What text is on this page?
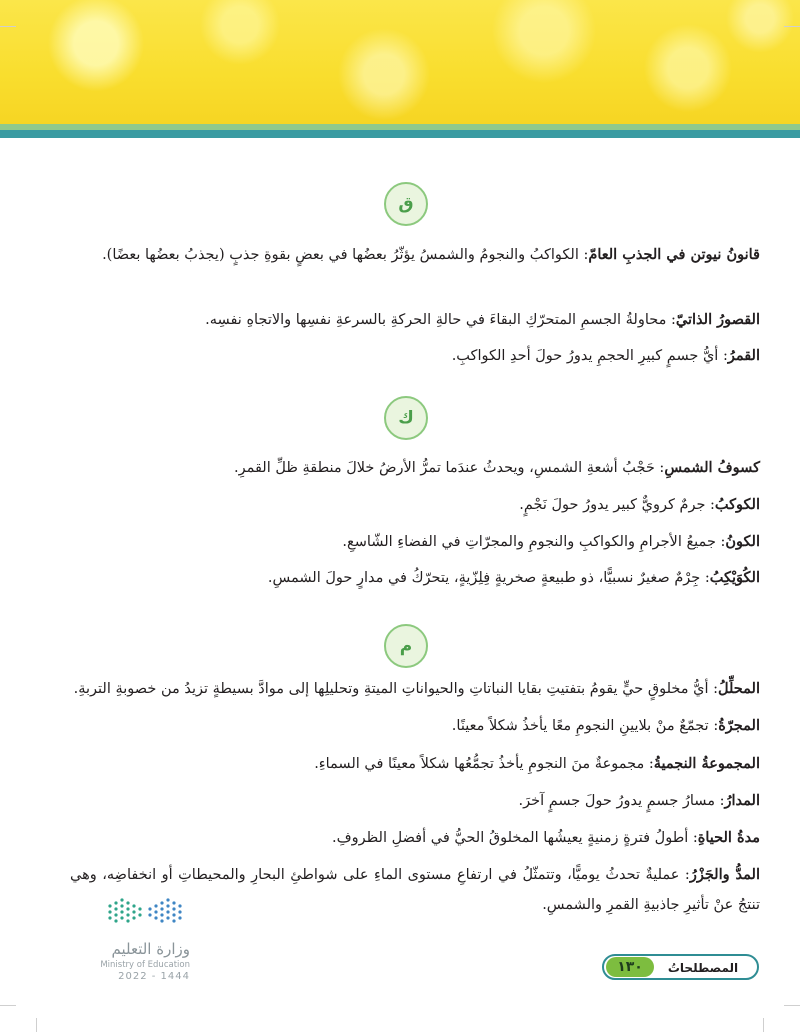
ق
قانونُ نيوتن في الجذبِ العامّ: الكواكبُ والنجومُ والشمسُ يؤثّرُ بعضُها في بعضٍ بقوةِ جذبٍ (يجذبُ بعضُها بعضًا).
القصورُ الذاتيّ: محاولةُ الجسمِ المتحرّكِ البقاءَ في حالةِ الحركةِ بالسرعةِ نفسِها والاتجاهِ نفسِه.
القمرُ: أيُّ جسمٍ كبيرِ الحجمِ يدورُ حولَ أحدِ الكواكبِ.
ك
كسوفُ الشمسِ: حَجْبُ أشعةِ الشمسِ، ويحدثُ عندَما تمرُّ الأرضُ خلالَ منطقةِ ظلِّ القمرِ.
الكوكبُ: جرمٌ كرويٌّ كبير يدورُ حولَ نَجْمٍ.
الكونُ: جميعُ الأجرامِ والكواكبِ والنجومِ والمجرّاتِ في الفضاءِ الشّاسعِ.
الكُوَيْكِبُ: جِرْمٌ صغيرٌ نسبيًّا، ذو طبيعةٍ صخريةٍ فِلِزّيةٍ، يتحرّكُ في مدارٍ حولَ الشمسِ.
م
المحلِّلُ: أيُّ مخلوقٍ حيٍّ يقومُ بتفتيتِ بقايا النباتاتِ والحيواناتِ الميتةِ وتحليلِها إلى موادَّ بسيطةٍ تزيدُ من خصوبةِ التربةِ.
المجرّةُ: تجمّعٌ منْ بلايينِ النجومِ معًا يأخذُ شكلاً معينًا.
المجموعةُ النجميةُ: مجموعةٌ منَ النجومِ يأخذُ تجمُّعُها شكلاً معينًا في السماءِ.
المدارُ: مسارُ جسمٍ يدورُ حولَ جسمٍ آخرَ.
مدةُ الحياةِ: أطولُ فترةٍ زمنيةٍ يعيشُها المخلوقُ الحيُّ في أفضلِ الظروفِ.
المدُّ والجَزْرُ: عمليةٌ تحدثُ يوميًّا، وتتمثّلُ في ارتفاعِ مستوى الماءِ على شواطئِ البحارِ والمحيطاتِ أو انخفاضِه، وهي تنتجُ عنْ تأثيرِ جاذبيةِ القمرِ والشمسِ.
وزارة التعليم
Ministry of Education
2022 - 1444
١٣٠	المصطلحاتُ
